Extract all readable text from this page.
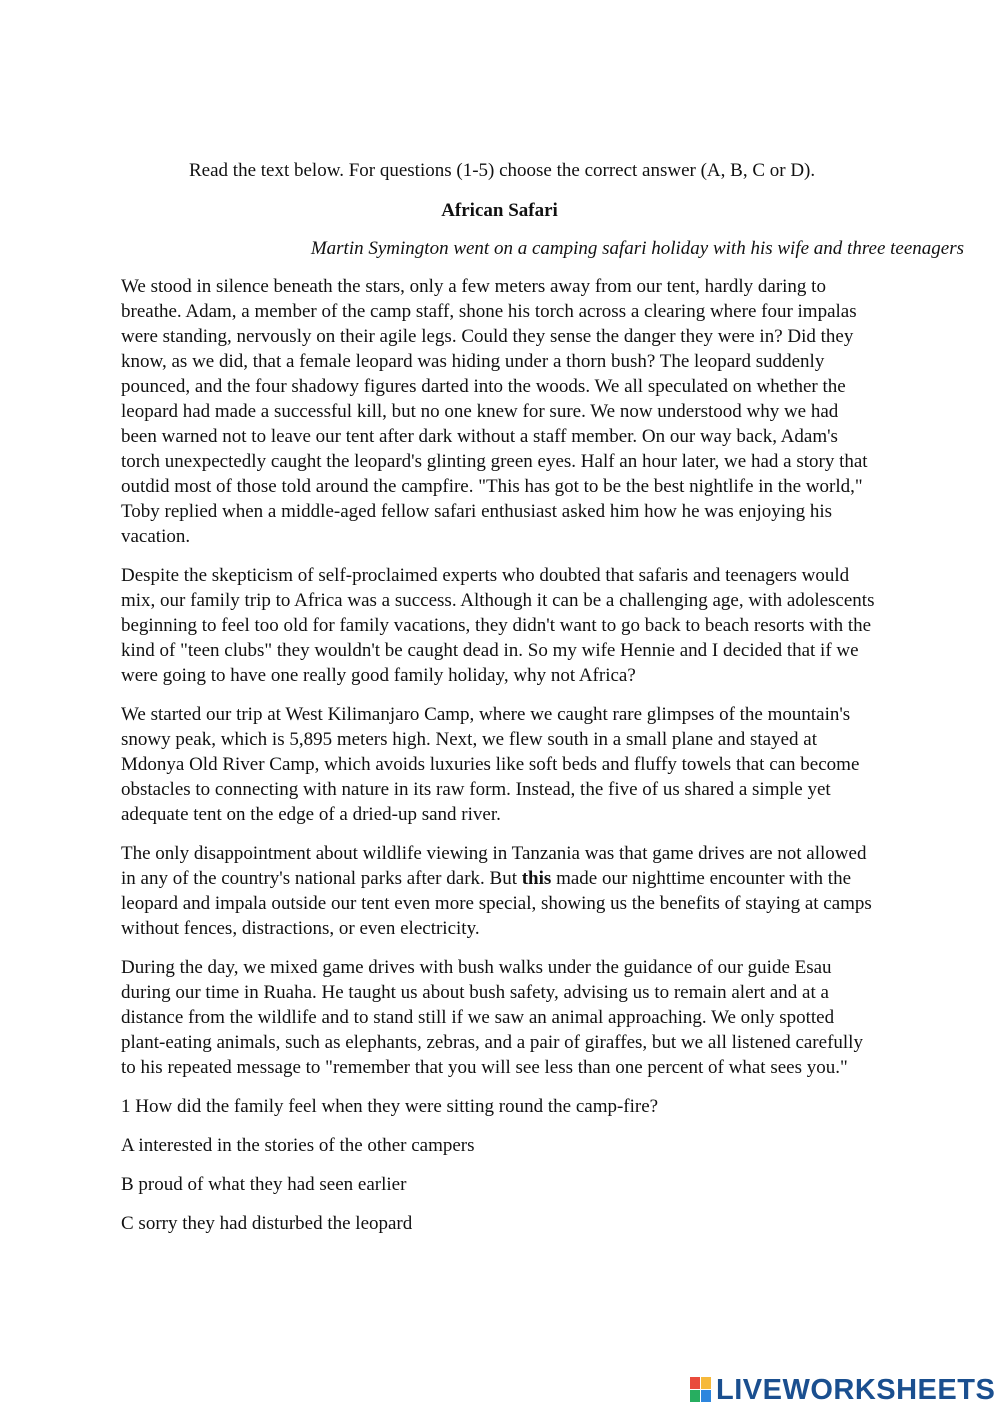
Read the text below. For questions (1-5) choose the correct answer (A, B, C or D).
African Safari
Martin Symington went on a camping safari holiday with his wife and three teenagers

We stood in silence beneath the stars, only a few meters away from our tent, hardly daring to breathe. Adam, a member of the camp staff, shone his torch across a clearing where four impalas were standing, nervously on their agile legs. Could they sense the danger they were in? Did they know, as we did, that a female leopard was hiding under a thorn bush? The leopard suddenly pounced, and the four shadowy figures darted into the woods. We all speculated on whether the leopard had made a successful kill, but no one knew for sure. We now understood why we had been warned not to leave our tent after dark without a staff member. On our way back, Adam's torch unexpectedly caught the leopard's glinting green eyes. Half an hour later, we had a story that outdid most of those told around the campfire. "This has got to be the best nightlife in the world," Toby replied when a middle-aged fellow safari enthusiast asked him how he was enjoying his vacation.

Despite the skepticism of self-proclaimed experts who doubted that safaris and teenagers would mix, our family trip to Africa was a success. Although it can be a challenging age, with adolescents beginning to feel too old for family vacations, they didn't want to go back to beach resorts with the kind of "teen clubs" they wouldn't be caught dead in. So my wife Hennie and I decided that if we were going to have one really good family holiday, why not Africa?

We started our trip at West Kilimanjaro Camp, where we caught rare glimpses of the mountain's snowy peak, which is 5,895 meters high. Next, we flew south in a small plane and stayed at Mdonya Old River Camp, which avoids luxuries like soft beds and fluffy towels that can become obstacles to connecting with nature in its raw form. Instead, the five of us shared a simple yet adequate tent on the edge of a dried-up sand river.

The only disappointment about wildlife viewing in Tanzania was that game drives are not allowed in any of the country's national parks after dark. But this made our nighttime encounter with the leopard and impala outside our tent even more special, showing us the benefits of staying at camps without fences, distractions, or even electricity.

During the day, we mixed game drives with bush walks under the guidance of our guide Esau during our time in Ruaha. He taught us about bush safety, advising us to remain alert and at a distance from the wildlife and to stand still if we saw an animal approaching. We only spotted plant-eating animals, such as elephants, zebras, and a pair of giraffes, but we all listened carefully to his repeated message to "remember that you will see less than one percent of what sees you."

1 How did the family feel when they were sitting round the camp-fire?

A interested in the stories of the other campers

B proud of what they had seen earlier

C sorry they had disturbed the leopard

LIVEWORKSHEETS
